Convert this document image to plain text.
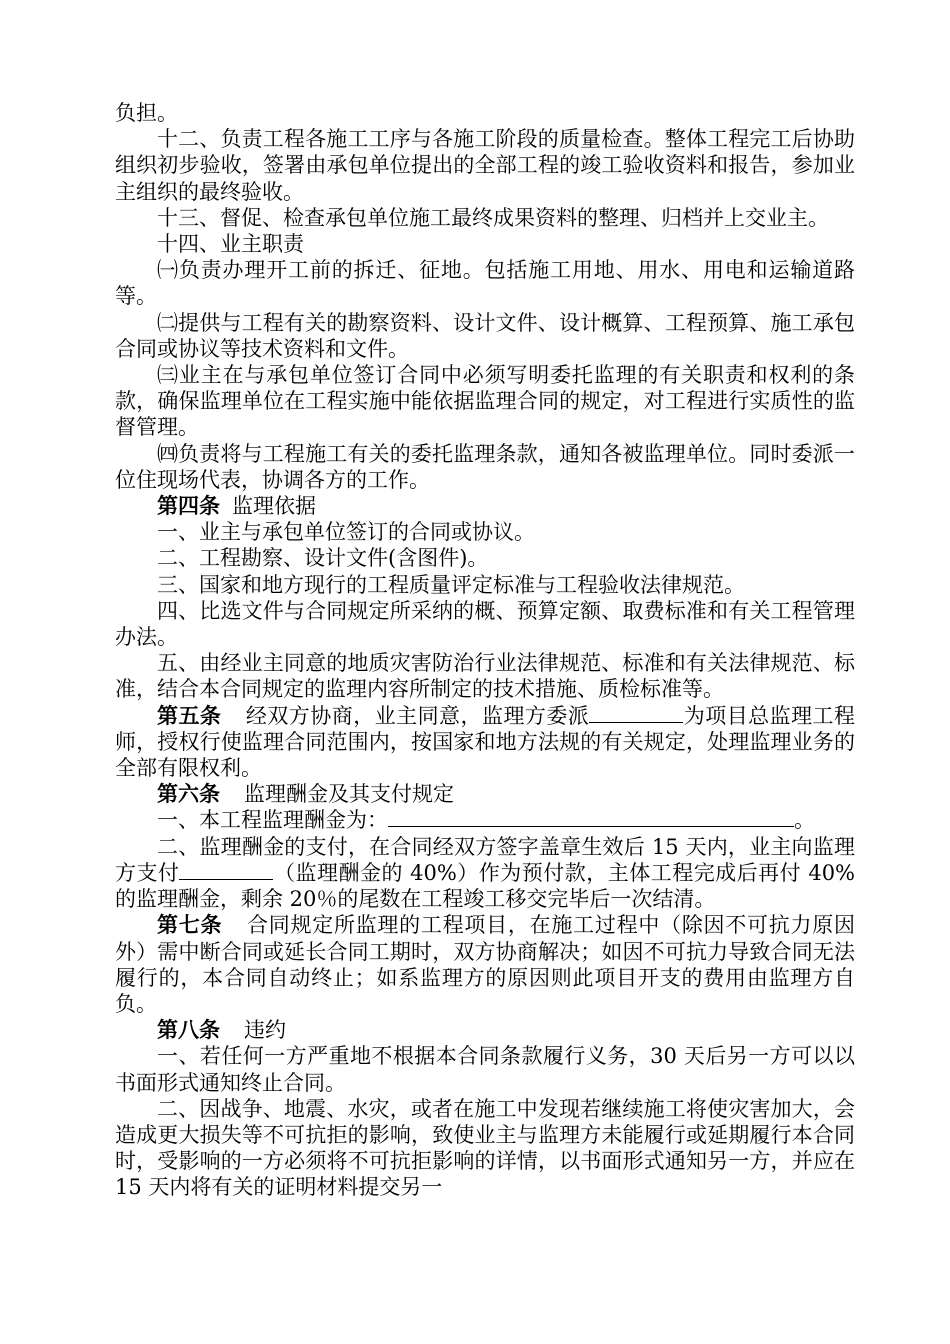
负担。

十二、负责工程各施工工序与各施工阶段的质量检查。整体工程完工后协助组织初步验收，签署由承包单位提出的全部工程的竣工验收资料和报告，参加业主组织的最终验收。

十三、督促、检查承包单位施工最终成果资料的整理、归档并上交业主。

十四、业主职责

㈠负责办理开工前的拆迁、征地。包括施工用地、用水、用电和运输道路等。

㈡提供与工程有关的勘察资料、设计文件、设计概算、工程预算、施工承包合同或协议等技术资料和文件。

㈢业主在与承包单位签订合同中必须写明委托监理的有关职责和权利的条款，确保监理单位在工程实施中能依据监理合同的规定，对工程进行实质性的监督管理。

㈣负责将与工程施工有关的委托监理条款，通知各被监理单位。同时委派一位住现场代表，协调各方的工作。

第四条 监理依据

一、业主与承包单位签订的合同或协议。

二、工程勘察、设计文件(含图件)。

三、国家和地方现行的工程质量评定标准与工程验收法律规范。

四、比选文件与合同规定所采纳的概、预算定额、取费标准和有关工程管理办法。

五、由经业主同意的地质灾害防治行业法律规范、标准和有关法律规范、标准，结合本合同规定的监理内容所制定的技术措施、质检标准等。

第五条 经双方协商，业主同意，监理方委派	为项目总监理工程师，授权行使监理合同范围内，按国家和地方法规的有关规定，处理监理业务的全部有限权利。

第六条 监理酬金及其支付规定

一、本工程监理酬金为：	。

二、监理酬金的支付，在合同经双方签字盖章生效后 15 天内，业主向监理方支付	（监理酬金的 40%）作为预付款，主体工程完成后再付 40%的监理酬金，剩余 20％的尾数在工程竣工移交完毕后一次结清。

第七条 合同规定所监理的工程项目，在施工过程中（除因不可抗力原因外）需中断合同或延长合同工期时，双方协商解决；如因不可抗力导致合同无法履行的，本合同自动终止；如系监理方的原因则此项目开支的费用由监理方自负。

第八条 违约

一、若任何一方严重地不根据本合同条款履行义务，30 天后另一方可以以书面形式通知终止合同。

二、因战争、地震、水灾，或者在施工中发现若继续施工将使灾害加大，会造成更大损失等不可抗拒的影响，致使业主与监理方未能履行或延期履行本合同时，受影响的一方必须将不可抗拒影响的详情，以书面形式通知另一方，并应在 15 天内将有关的证明材料提交另一
